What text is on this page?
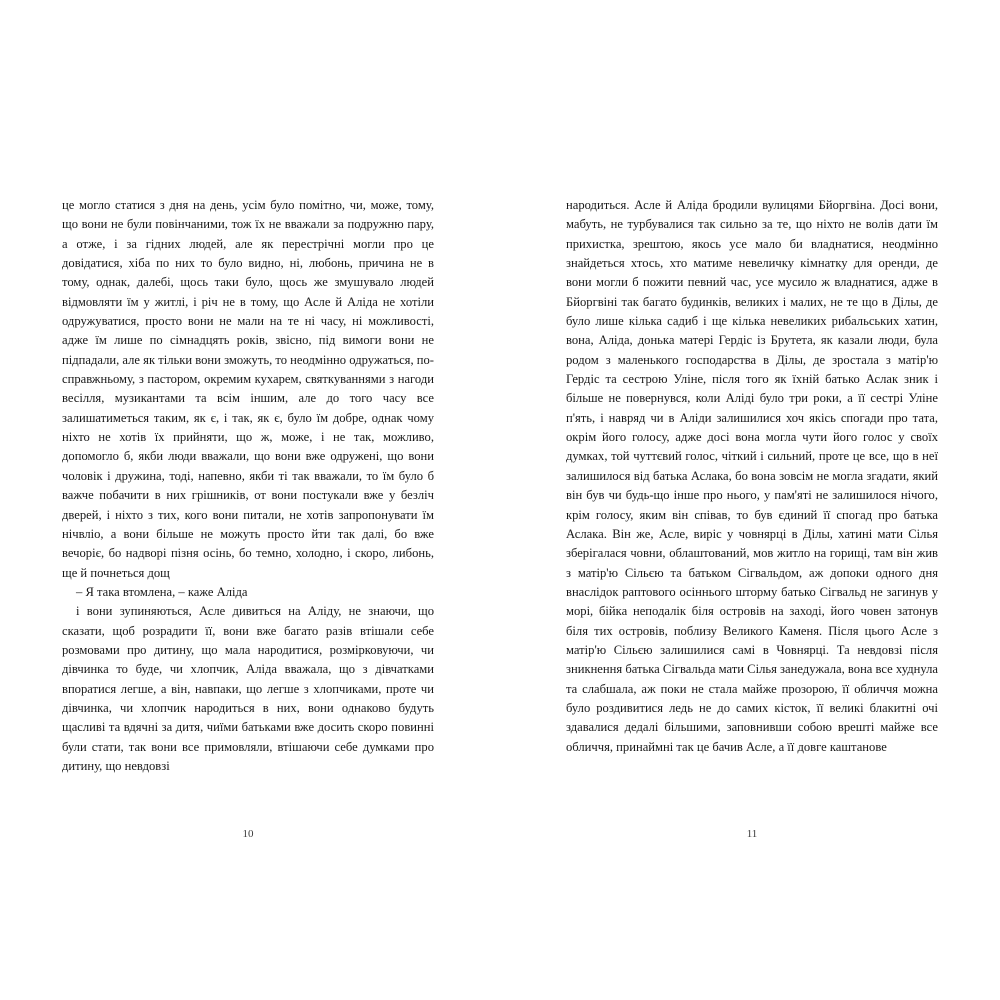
це могло статися з дня на день, усім було помітно, чи, може, тому, що вони не були повінчаними, тож їх не вважали за подружню пару, а отже, і за гідних людей, але як перестрічні могли про це довідатися, хіба по них то було видно, ні, любонь, причина не в тому, однак, далебі, щось таки було, щось же змушувало людей відмовляти їм у житлі, і річ не в тому, що Асле й Аліда не хотіли одружуватися, просто вони не мали на те ні часу, ні можливості, адже їм лише по сімнадцять років, звісно, під вимоги вони не підпадали, але як тільки вони зможуть, то неодмінно одружаться, по-справжньому, з пастором, окремим кухарем, святкуваннями з нагоди весілля, музикантами та всім іншим, але до того часу все залишатиметься таким, як є, і так, як є, було їм добре, однак чому ніхто не хотів їх прийняти, що ж, може, і не так, можливо, допомогло б, якби люди вважали, що вони вже одружені, що вони чоловік і дружина, тоді, напевно, якби ті так вважали, то їм було б важче побачити в них грішників, от вони постукали вже у безліч дверей, і ніхто з тих, кого вони питали, не хотів запропонувати їм нічвліо, а вони більше не можуть просто йти так далі, бо вже вечоріє, бо надворі пізня осінь, бо темно, холодно, і скоро, либонь, ще й почнеться дощ

– Я така втомлена, – каже Аліда

і вони зупиняються, Асле дивиться на Аліду, не знаючи, що сказати, щоб розрадити її, вони вже багато разів втішали себе розмовами про дитину, що мала народитися, розмірковуючи, чи дівчинка то буде, чи хлопчик, Аліда вважала, що з дівчатками впоратися легше, а він, навпаки, що легше з хлопчиками, проте чи дівчинка, чи хлопчик народиться в них, вони однаково будуть щасливі та вдячні за дитя, чиїми батьками вже досить скоро повинні були стати, так вони все примовляли, втішаючи себе думками про дитину, що невдовзі

народиться. Асле й Аліда бродили вулицями Бйоргвіна. Досі вони, мабуть, не турбувалися так сильно за те, що ніхто не волів дати їм прихистка, зрештою, якось усе мало би владнатися, неодмінно знайдеться хтось, хто матиме невеличку кімнатку для оренди, де вони могли б пожити певний час, усе мусило ж владнатися, адже в Бйоргвіні так багато будинків, великих і малих, не те що в Ділы, де було лише кілька садиб і ще кілька невеликих рибальських хатин, вона, Аліда, донька матері Гердіс із Брутета, як казали люди, була родом з маленького господарства в Ділы, де зростала з матір'ю Гердіс та сестрою Уліне, після того як їхній батько Аслак зник і більше не повернувся, коли Аліді було три роки, а її сестрі Уліне п'ять, і навряд чи в Аліди залишилися хоч якісь спогади про тата, окрім його голосу, адже досі вона могла чути його голос у своїх думках, той чуттєвий голос, чіткий і сильний, проте це все, що в неї залишилося від батька Аслака, бо вона зовсім не могла згадати, який він був чи будь-що інше про нього, у пам'яті не залишилося нічого, крім голосу, яким він співав, то був єдиний її спогад про батька Аслака. Він же, Асле, виріс у човнярці в Ділы, хатині мати Сілья зберігалася човни, облаштований, мов житло на горищі, там він жив з матір'ю Сільєю та батьком Сігвальдом, аж допоки одного дня внаслідок раптового осіннього шторму батько Сігвальд не загинув у морі, бійка неподалік біля островів на заході, його човен затонув біля тих островів, поблизу Великого Каменя. Після цього Асле з матір'ю Сільєю залишилися самі в Човнярці. Та невдовзі після зникнення батька Сігвальда мати Сілья занедужала, вона все худнула та слабшала, аж поки не стала майже прозорою, її обличчя можна було роздивитися ледь не до самих кісток, її великі блакитні очі здавалися дедалі більшими, заповнивши собою врешті майже все обличчя, принаймні так це бачив Асле, а її довге каштанове

10	11
